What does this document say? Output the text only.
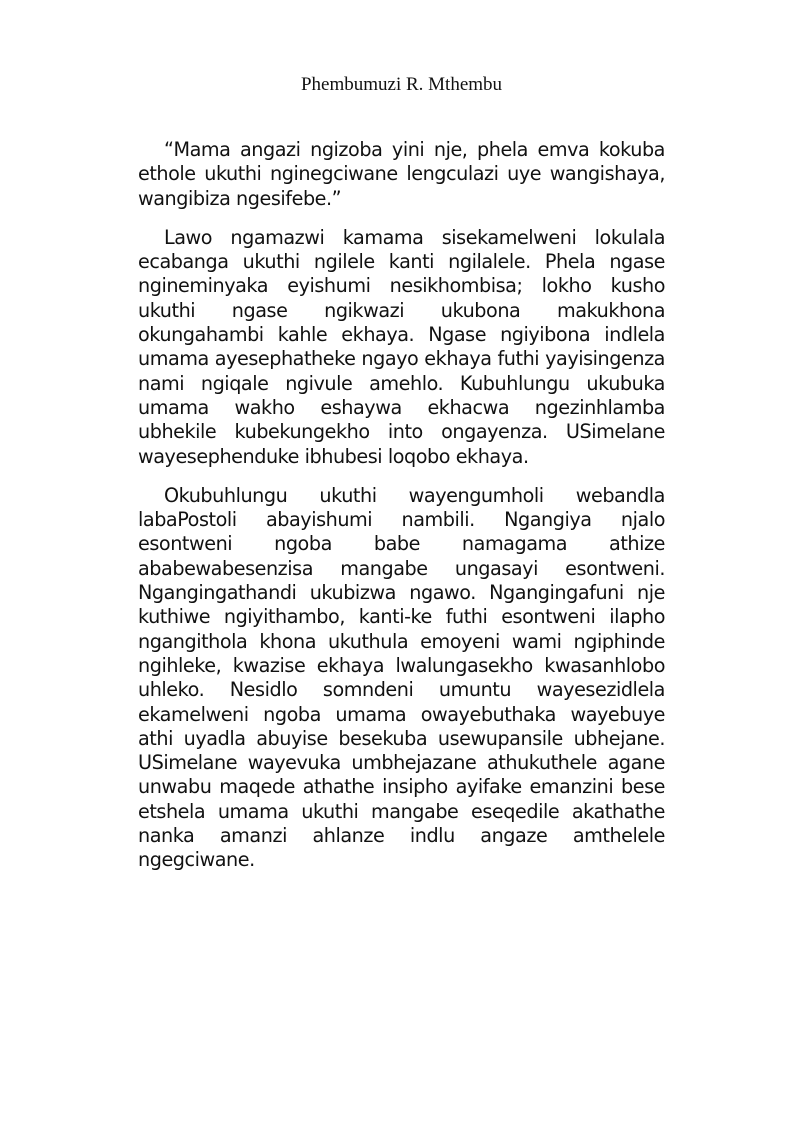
Phembumuzi R. Mthembu

“Mama angazi ngizoba yini nje, phela emva kokuba ethole ukuthi nginegciwane lengculazi uye wangishaya, wangibiza ngesifebe.”

Lawo ngamazwi kamama sisekamelweni lokulala ecabanga ukuthi ngilele kanti ngilalele. Phela ngase ngineminyaka eyishumi nesikhombisa; lokho kusho ukuthi ngase ngikwazi ukubona makukhona okungahambi kahle ekhaya. Ngase ngiyibona indlela umama ayesephatheke ngayo ekhaya futhi yayisingenza nami ngiqale ngivule amehlo. Kubuhlungu ukubuka umama wakho eshaywa ekhacwa ngezinhlamba ubhekile kubekungekho into ongayenza. USimelane wayesephenduke ibhubesi loqobo ekhaya.

Okubuhlungu ukuthi wayengumholi webandla labaPostoli abayishumi nambili. Ngangiya njalo esontweni ngoba babe namagama athize ababewabesenzisa mangabe ungasayi esontweni. Ngangingathandi ukubizwa ngawo. Ngangingafuni nje kuthiwe ngiyithambo, kanti-ke futhi esontweni ilapho ngangithola khona ukuthula emoyeni wami ngiphinde ngihleke, kwazise ekhaya lwalungasekho kwasanhlobo uhleko. Nesidlo somndeni umuntu wayesezidlela ekamelweni ngoba umama owayebuthaka wayebuye athi uyadla abuyise besekuba usewupansile ubhejane. USimelane wayevuka umbhejazane athukuthele agane unwabu maqede athathe insipho ayifake emanzini bese etshela umama ukuthi mangabe eseqedile akathathe nanka amanzi ahlanze indlu angaze amthelele ngegciwane.
